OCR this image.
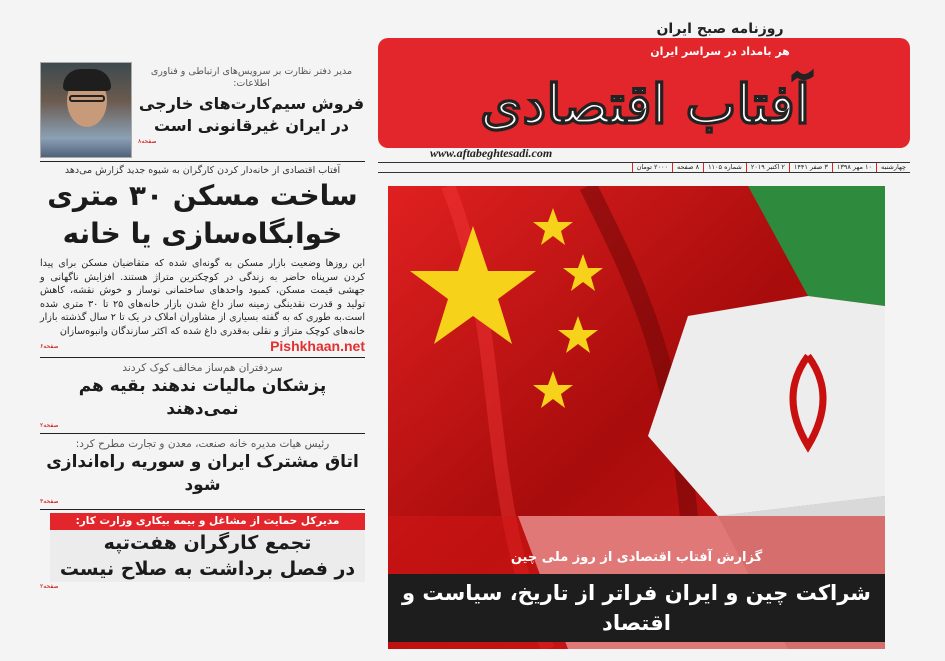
روزنامه صبح ایران
هر بامداد در سراسر ایران
آفتاب اقتصادی
www.aftabeghtesadi.com
چهارشنبه
۱۰ مهر ۱۳۹۸
۳ صفر ۱۴۴۱
۲ اکتبر ۲۰۱۹
شماره ۱۱۰۵
۸ صفحه
۲۰۰۰ تومان
گزارش آفتاب اقتصادی از روز ملی چین
شراکت چین و ایران فراتر از تاریخ، سیاست و اقتصاد
مدیر دفتر نظارت بر سرویس‌های ارتباطی و فناوری اطلاعات:
فروش سیم‌کارت‌های خارجی
در ایران غیرقانونی است
صفحه۸
آفتاب اقتصادی از خانه‌دار کردن کارگران به شیوه جدید گزارش می‌دهد
ساخت مسکن ۳۰ متری
خوابگاه‌سازی یا خانه
این روزها وضعیت بازار مسکن به گونه‌ای شده که متقاضیان مسکن برای پیدا کردن سرپناه حاضر به زندگی در کوچکترین متراژ هستند. افزایش ناگهانی و جهشی قیمت مسکن، کمبود واحدهای ساختمانی نوساز و خوش نقشه، کاهش تولید و قدرت نقدینگی زمینه ساز داغ شدن بازار خانه‌های ۲۵ تا ۳۰ متری شده است.به طوری که به گفته بسیاری از مشاوران املاک در یک تا ۲ سال گذشته بازار خانه‌های کوچک متراژ و نقلی به‌قدری داغ شده که اکثر سازندگان وانبوه‌سازان
صفحه۶	Pishkhaan.net
سردفتران هم‌ساز مخالف کوک کردند
پزشکان مالیات ندهند بقیه هم نمی‌دهند
صفحه۲
رئیس هیات مدیره خانه صنعت، معدن و تجارت مطرح کرد:
اتاق مشترک ایران و سوریه راه‌اندازی شود
صفحه۳
مدیرکل حمایت از مشاغل و بیمه بیکاری وزارت کار:
تجمع کارگران هفت‌تپه
در فصل برداشت به صلاح نیست
صفحه۲
